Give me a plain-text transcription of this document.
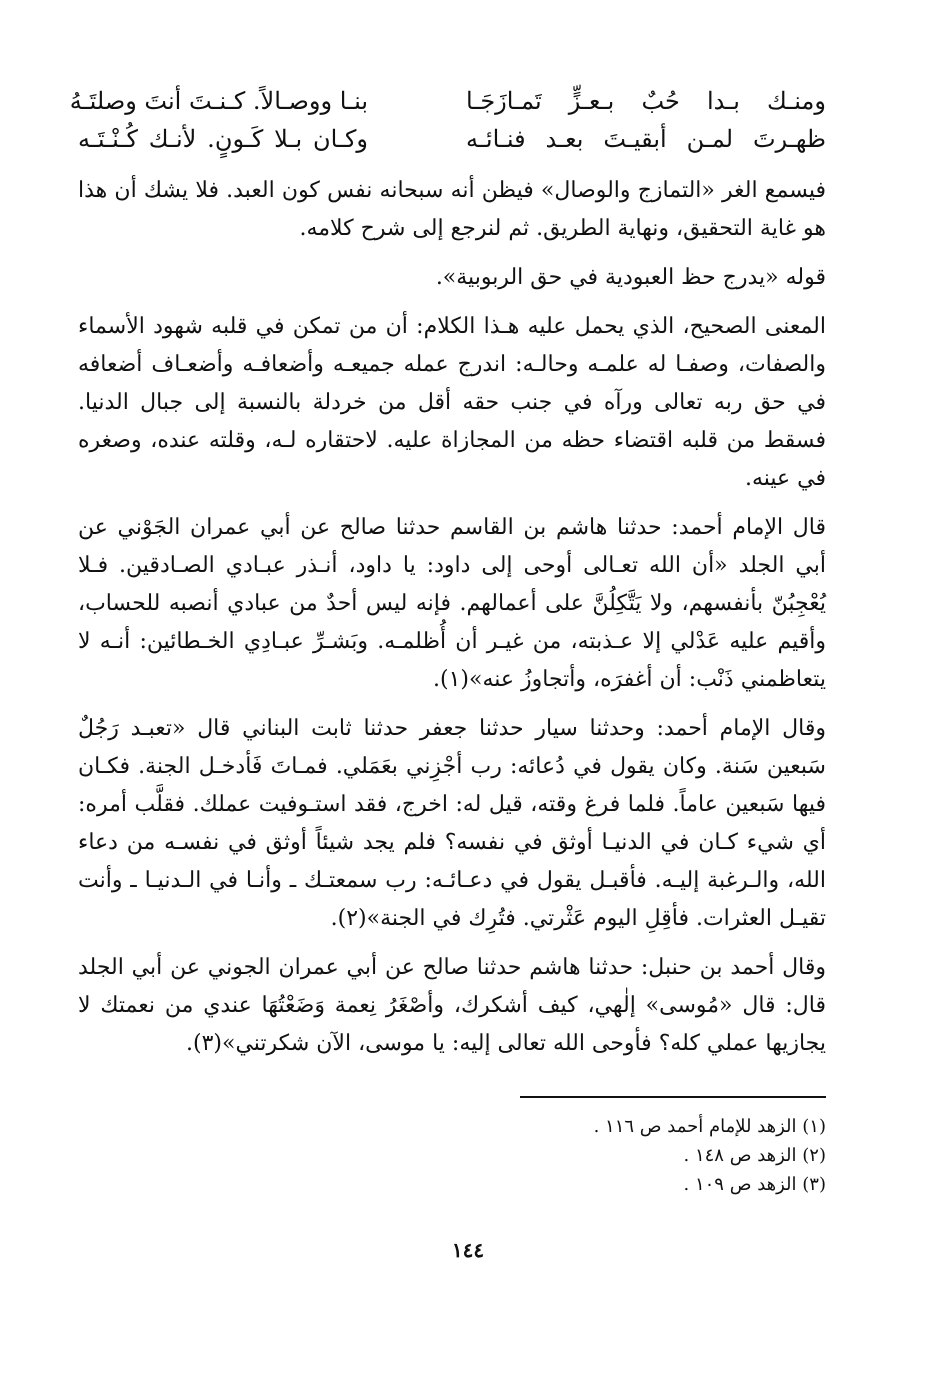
ومنـك بـدا حُبٌ بـعـزٍّ تَمـازَجَـا
بنـا ووصـالاً. كـنـتَ أنتَ وصلتَـهُ
ظهـرتَ لمـن أبقيـتَ بعـد فنـائـه
وكـان بـلا كَـونٍ. لأنـك كُـنْـتَـه

فيسمع الغر «التمازج والوصال» فيظن أنه سبحانه نفس كون العبد. فلا يشك أن هذا هو غاية التحقيق، ونهاية الطريق. ثم لنرجع إلى شرح كلامه.

قوله «يدرج حظ العبودية في حق الربوبية».

المعنى الصحيح، الذي يحمل عليه هـذا الكلام: أن من تمكن في قلبه شهود الأسماء والصفات، وصفـا له علمـه وحالـه: اندرج عمله جميعـه وأضعافـه وأضعـاف أضعافه في حق ربه تعالى ورآه في جنب حقه أقل من خردلة بالنسبة إلى جبال الدنيا. فسقط من قلبه اقتضاء حظه من المجازاة عليه. لاحتقاره لـه، وقلته عنده، وصغره في عينه.

قال الإمام أحمد: حدثنا هاشم بن القاسم حدثنا صالح عن أبي عمران الجَوْني عن أبي الجلد «أن الله تعـالى أوحى إلى داود: يا داود، أنـذر عبـادي الصـادقين. فـلا يُعْجِبُنّ بأنفسهم، ولا يَتَّكِلُنَّ على أعمالهم. فإنه ليس أحدٌ من عبادي أنصبه للحساب، وأقيم عليه عَدْلي إلا عـذبته، من غيـر أن أُظلمـه. وبَشـرِّ عبـادِي الخـطائين: أنـه لا يتعاظمني ذَنْب: أن أغفرَه، وأتجاوزُ عنه»(١).

وقال الإمام أحمد: وحدثنا سيار حدثنا جعفر حدثنا ثابت البناني قال «تعبـد رَجُلٌ سَبعين سَنة. وكان يقول في دُعائه: رب أجْزِني بعَمَلي. فمـاتَ فَأدخـل الجنة. فكـان فيها سَبعين عاماً. فلما فرغ وقته، قيل له: اخرج، فقد استـوفيت عملك. فقلَّب أمره: أي شيء كـان في الدنيـا أوثق في نفسه؟ فلم يجد شيئاً أوثق في نفسـه من دعاء الله، والـرغبة إليـه. فأقبـل يقول في دعـائـه: رب سمعتـك ـ وأنـا في الـدنيـا ـ وأنت تقيـل العثرات. فأقِلِ اليوم عَثْرتي. فتُرِك في الجنة»(٢).

وقال أحمد بن حنبل: حدثنا هاشم حدثنا صالح عن أبي عمران الجوني عن أبي الجلد قال: قال «مُوسى» إلٰهي، كيف أشكرك، وأصْغَرُ نِعمة وَضَعْتُهَا عندي من نعمتك لا يجازيها عملي كله؟ فأوحى الله تعالى إليه: يا موسى، الآن شكرتني»(٣).

(١) الزهد للإمام أحمد ص ١١٦ .
(٢) الزهد ص ١٤٨ .
(٣) الزهد ص ١٠٩ .
١٤٤
